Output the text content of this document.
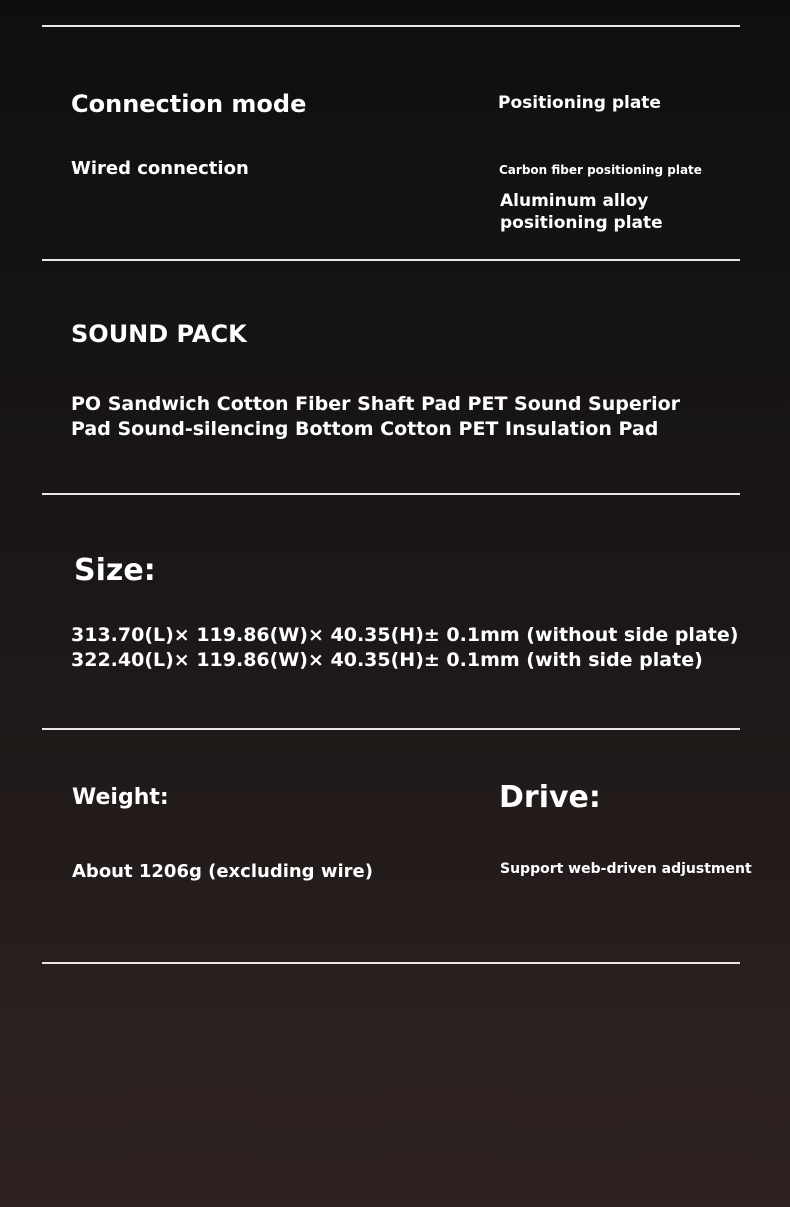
Connection mode
Wired connection
Positioning plate
Carbon fiber positioning plate
Aluminum alloy
positioning plate
SOUND PACK
PO Sandwich Cotton Fiber Shaft Pad PET Sound Superior
Pad Sound-silencing Bottom Cotton PET Insulation Pad
Size:
313.70(L)× 119.86(W)× 40.35(H)± 0.1mm (without side plate)
322.40(L)× 119.86(W)× 40.35(H)± 0.1mm (with side plate)
Weight:
About 1206g (excluding wire)
Drive:
Support web-driven adjustment
